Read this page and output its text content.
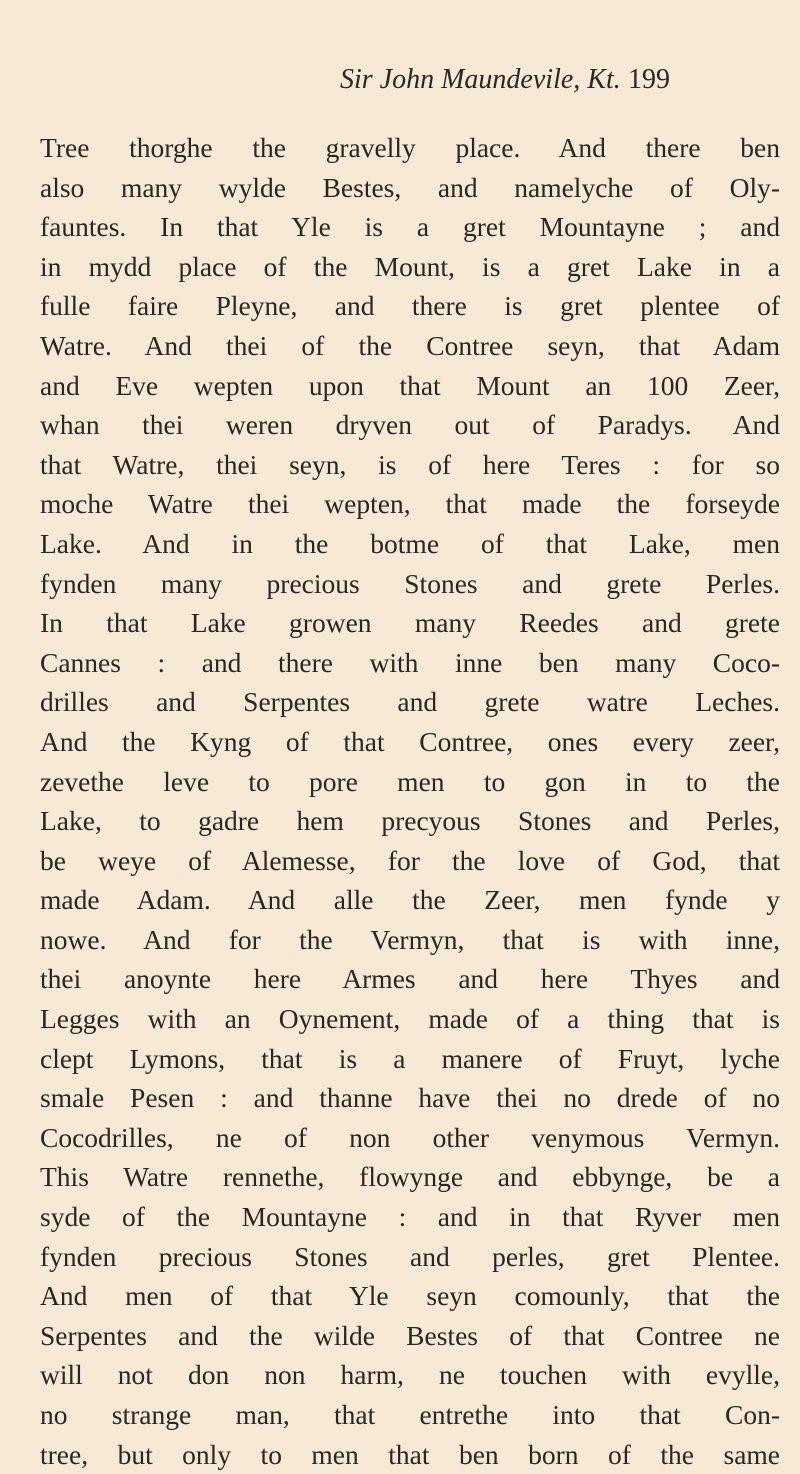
Sir John Maundevile, Kt. 199
Tree thorghe the gravelly place. And there ben
also many wylde Bestes, and namelyche of Oly-
fauntes. In that Yle is a gret Mountayne ; and
in mydd place of the Mount, is a gret Lake in a
fulle faire Pleyne, and there is gret plentee of
Watre. And thei of the Contree seyn, that Adam
and Eve wepten upon that Mount an 100 Zeer,
whan thei weren dryven out of Paradys. And
that Watre, thei seyn, is of here Teres : for so
moche Watre thei wepten, that made the forseyde
Lake. And in the botme of that Lake, men
fynden many precious Stones and grete Perles.
In that Lake growen many Reedes and grete
Cannes : and there with inne ben many Coco-
drilles and Serpentes and grete watre Leches.
And the Kyng of that Contree, ones every zeer,
zevethe leve to pore men to gon in to the
Lake, to gadre hem precyous Stones and Perles,
be weye of Alemesse, for the love of God, that
made Adam. And alle the Zeer, men fynde y
nowe. And for the Vermyn, that is with inne,
thei anoynte here Armes and here Thyes and
Legges with an Oynement, made of a thing that is
clept Lymons, that is a manere of Fruyt, lyche
smale Pesen : and thanne have thei no drede of no
Cocodrilles, ne of non other venymous Vermyn.
This Watre rennethe, flowynge and ebbynge, be a
syde of the Mountayne : and in that Ryver men
fynden precious Stones and perles, gret Plentee.
And men of that Yle seyn comounly, that the
Serpentes and the wilde Bestes of that Contree ne
will not don non harm, ne touchen with evylle,
no strange man, that entrethe into that Con-
tree, but only to men that ben born of the same
